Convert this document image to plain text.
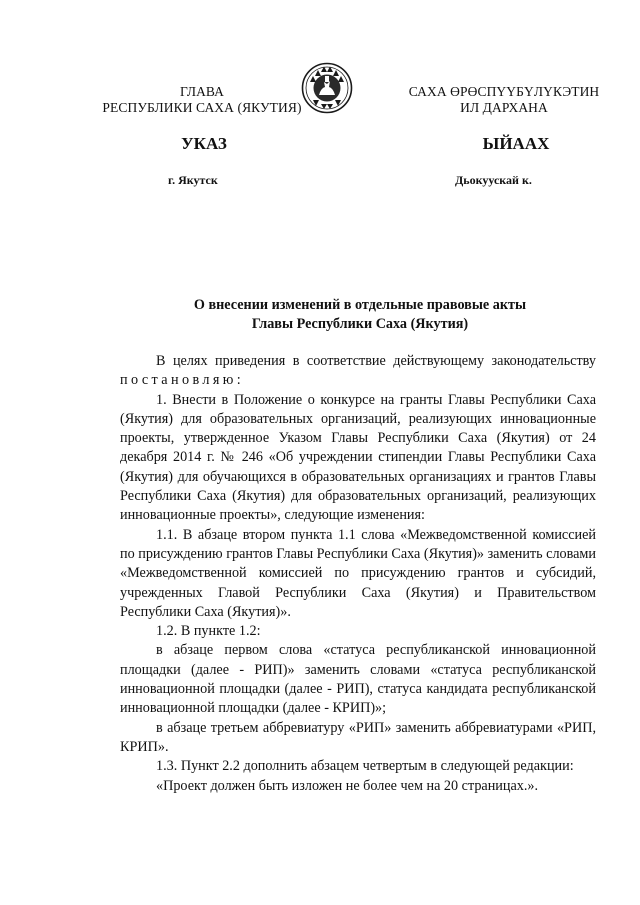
ГЛАВА
РЕСПУБЛИКИ САХА (ЯКУТИЯ)
САХА ӨРӨСПҮҮБҮЛҮКЭТИН
ИЛ ДАРХАНА
УКАЗ	ЫЙААХ
г. Якутск	Дьокуускай к.
О внесении изменений в отдельные правовые акты
Главы Республики Саха (Якутия)

В целях приведения в соответствие действующему законодательству

постановляю:

1. Внести в Положение о конкурсе на гранты Главы Республики Саха (Якутия) для образовательных организаций, реализующих инновационные проекты, утвержденное Указом Главы Республики Саха (Якутия) от 24 декабря 2014 г. № 246 «Об учреждении стипендии Главы Республики Саха (Якутия) для обучающихся в образовательных организациях и грантов Главы Республики Саха (Якутия) для образовательных организаций, реализующих инновационные проекты», следующие изменения:

1.1. В абзаце втором пункта 1.1 слова «Межведомственной комиссией по присуждению грантов Главы Республики Саха (Якутия)» заменить словами «Межведомственной комиссией по присуждению грантов и субсидий, учрежденных Главой Республики Саха (Якутия) и Правительством Республики Саха (Якутия)».

1.2. В пункте 1.2:

в абзаце первом слова «статуса республиканской инновационной площадки (далее - РИП)» заменить словами «статуса республиканской инновационной площадки (далее - РИП), статуса кандидата республиканской инновационной площадки (далее - КРИП)»;

в абзаце третьем аббревиатуру «РИП» заменить аббревиатурами «РИП, КРИП».

1.3. Пункт 2.2 дополнить абзацем четвертым в следующей редакции:

«Проект должен быть изложен не более чем на 20 страницах.».
